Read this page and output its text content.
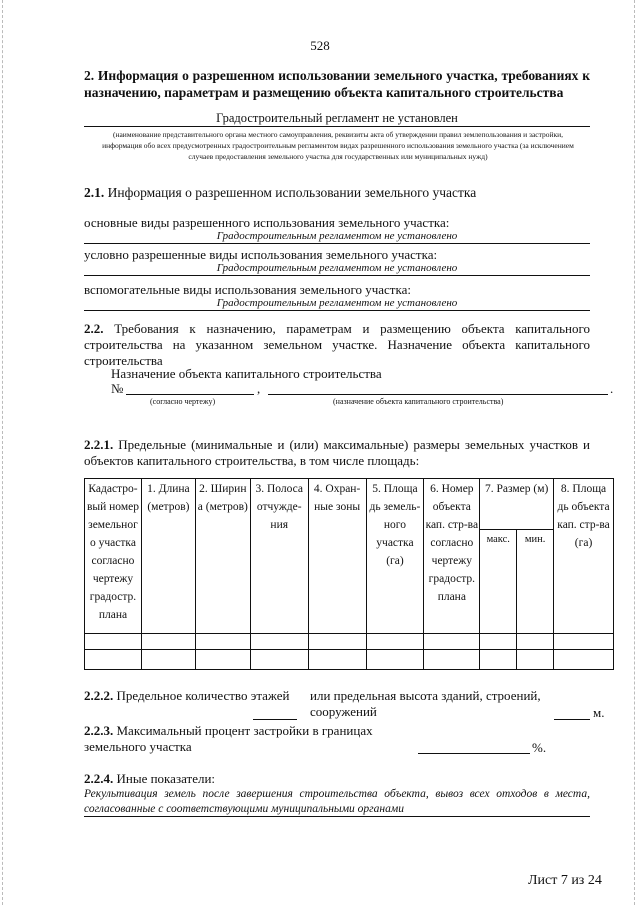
528
2. Информация о разрешенном использовании земельного участка, требованиях к назначению, параметрам и размещению объекта капитального строительства
Градостроительный регламент не установлен
(наименование представительного органа местного самоуправления, реквизиты акта об утверждении правил землепользования и застройки, информация обо всех предусмотренных градостроительным регламентом видах разрешенного использования земельного участка (за исключением случаев предоставления земельного участка для государственных или муниципальных нужд)
2.1. Информация о разрешенном использовании земельного участка
основные виды разрешенного использования земельного участка:
Градостроительным регламентом не установлено
условно разрешенные виды использования земельного участка:
Градостроительным регламентом не установлено
вспомогательные виды использования земельного участка:
Градостроительным регламентом не установлено
2.2. Требования к назначению, параметрам и размещению объекта капитального строительства на указанном земельном участке. Назначение объекта капитального строительства
Назначение объекта капитального строительства
№	,	.
(согласно чертежу)	(назначение объекта капитального строительства)
2.2.1. Предельные (минимальные и (или) максимальные) размеры земельных участков и объектов капитального строительства, в том числе площадь:
Кадастро-вый номер земельног о участка согласно чертежу градостр. плана	1. Длина (метров)	2. Ширин а (метров)	3. Полоса отчужде-ния	4. Охран-ные зоны	5. Площа дь земель-ного участка (га)	6. Номер объекта кап. стр-ва согласно чертежу градостр. плана	7. Размер (м)		8. Площа дь объекта кап. стр-ва (га)
							макс.	мин.	

2.2.2. Предельное количество этажей	или предельная высота зданий, строений, сооружений	м.
2.2.3. Максимальный процент застройки в границах земельного участка	%.
2.2.4. Иные показатели:
Рекультивация земель после завершения строительства объекта, вывоз всех отходов в места, согласованные с соответствующими муниципальными органами
Лист 7 из 24
